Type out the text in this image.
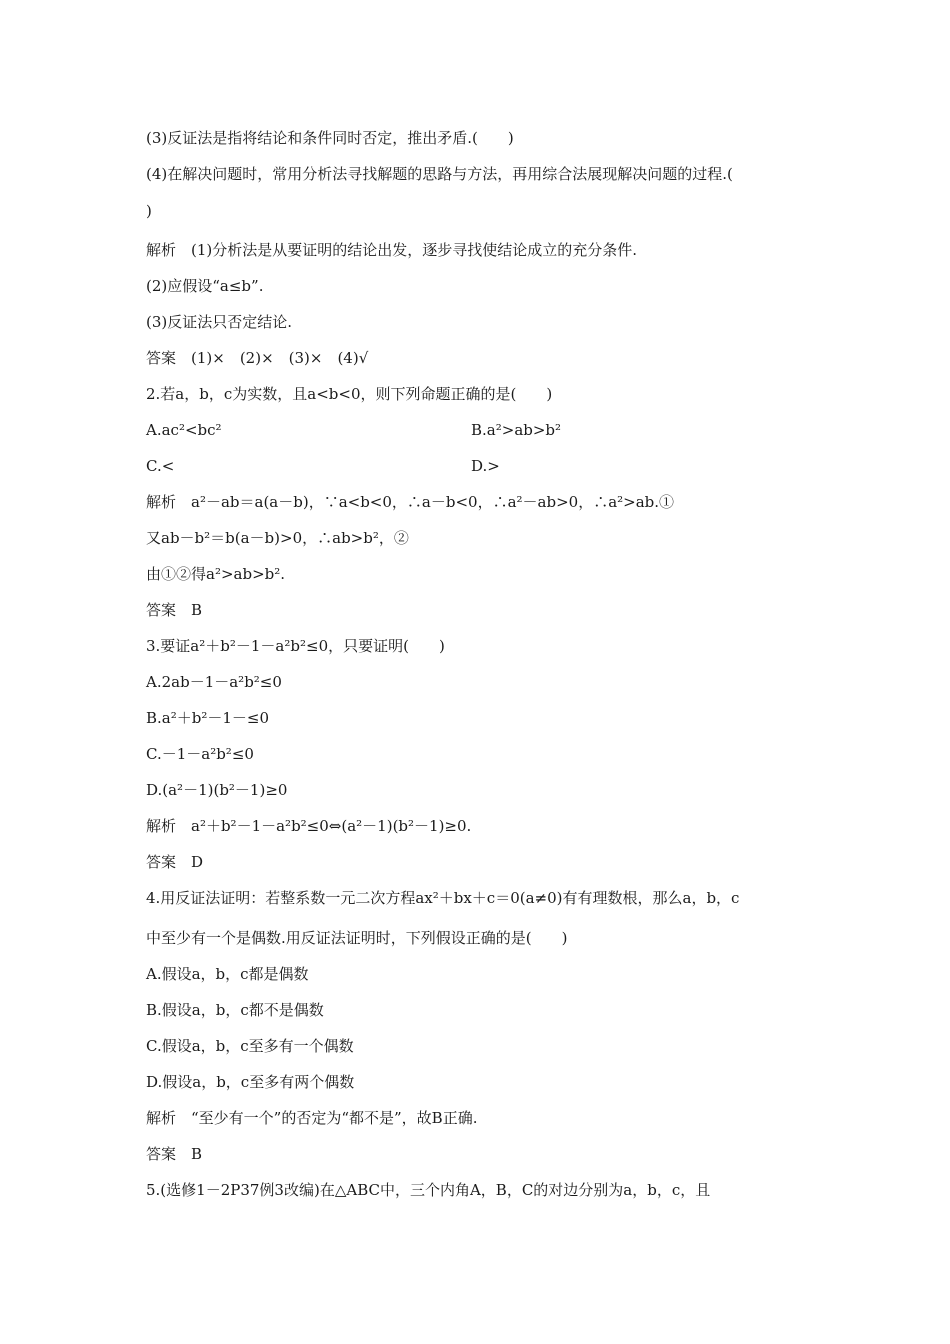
(3)反证法是指将结论和条件同时否定，推出矛盾.(　　)
(4)在解决问题时，常用分析法寻找解题的思路与方法，再用综合法展现解决问题的过程.(
)
解析　(1)分析法是从要证明的结论出发，逐步寻找使结论成立的充分条件.
(2)应假设“a≤b”.
(3)反证法只否定结论.
答案　(1)×　(2)×　(3)×　(4)√
2.若a，b，c为实数，且a<b<0，则下列命题正确的是(　　)
A.ac²<bc²	B.a²>ab>b²
C.<	D.>
解析　a²－ab＝a(a－b)，∵a<b<0，∴a－b<0，∴a²－ab>0，∴a²>ab.①
又ab－b²＝b(a－b)>0，∴ab>b²，②
由①②得a²>ab>b².
答案　B
3.要证a²＋b²－1－a²b²≤0，只要证明(　　)
A.2ab－1－a²b²≤0
B.a²＋b²－1－≤0
C.－1－a²b²≤0
D.(a²－1)(b²－1)≥0
解析　a²＋b²－1－a²b²≤0⇔(a²－1)(b²－1)≥0.
答案　D
4.用反证法证明：若整系数一元二次方程ax²＋bx＋c＝0(a≠0)有有理数根，那么a，b，c
中至少有一个是偶数.用反证法证明时，下列假设正确的是(　　)
A.假设a，b，c都是偶数
B.假设a，b，c都不是偶数
C.假设a，b，c至多有一个偶数
D.假设a，b，c至多有两个偶数
解析　“至少有一个”的否定为“都不是”，故B正确.
答案　B
5.(选修1－2P37例3改编)在△ABC中，三个内角A，B，C的对边分别为a，b，c，且
